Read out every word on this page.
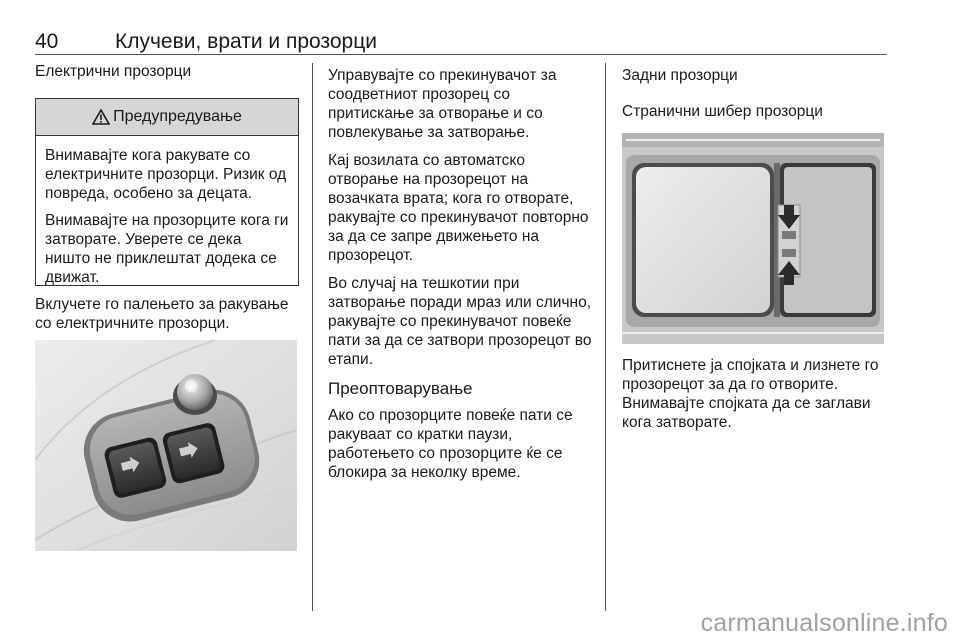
40	Клучеви, врати и прозорци
Електрични прозорци
Предупредување

Внимавајте кога ракувате со електричните прозорци. Ризик од повреда, особено за децата.

Внимавајте на прозорците кога ги затворате. Уверете се дека ништо не приклештат додека се движат.

Вклучете го палењето за ракување со електричните прозорци.

Управувајте со прекинувачот за соодветниот прозорец со притискање за отворање и со повлекување за затворање.

Кај возилата со автоматско отворање на прозорецот на возачката врата; кога го отворате, ракувајте со прекинувачот повторно за да се запре движењето на прозорецот.

Во случај на тешкотии при затворање поради мраз или слично, ракувајте со прекинувачот повеќе пати за да се затвори прозорецот во етапи.

Преоптоварување

Ако со прозорците повеќе пати се ракуваат со кратки паузи, работењето со прозорците ќе се блокира за неколку време.

Задни прозорци
Странични шибер прозорци

Притиснете ја спојката и лизнете го прозорецот за да го отворите. Внимавајте спојката да се заглави кога затворате.

carmanualsonline.info
